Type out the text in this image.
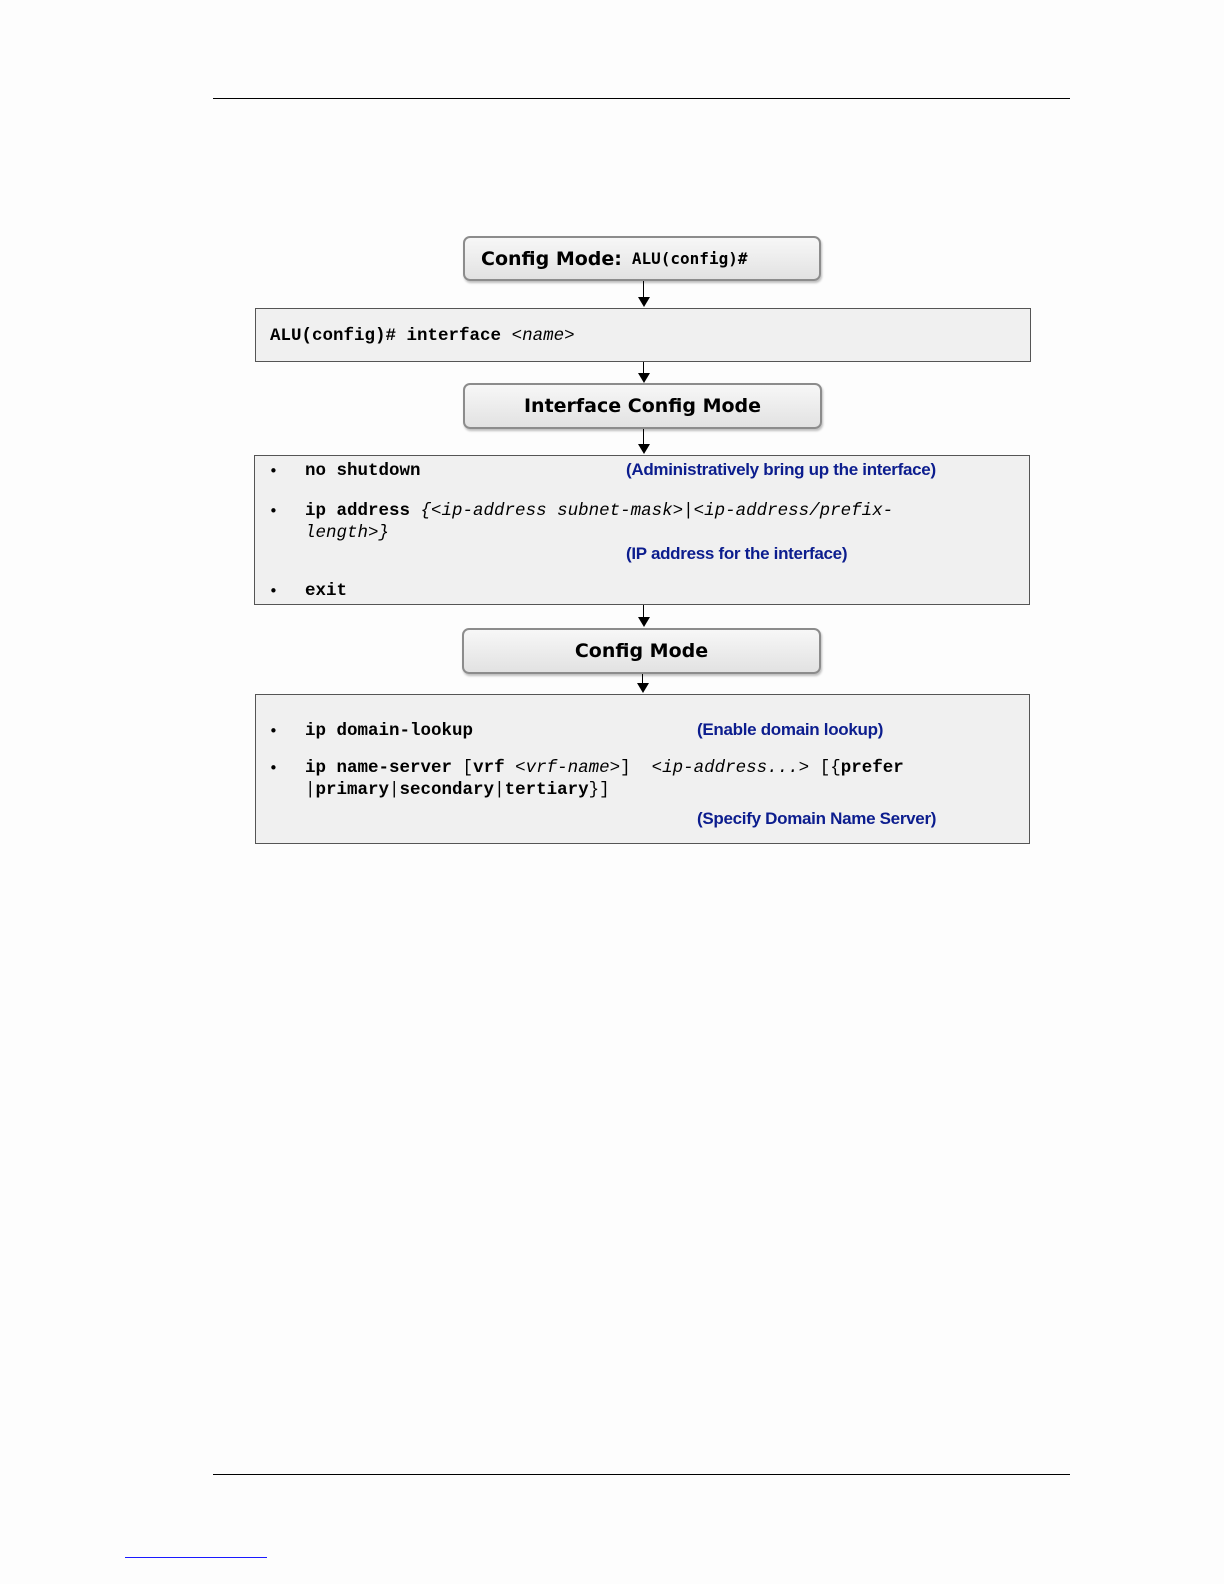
Config Mode: ALU(config)#
ALU(config)# interface <name>
Interface Config Mode
• no shutdown	(Administratively bring up the interface)
• ip address {<ip-address subnet-mask>|<ip-address/prefix-
length>}
(IP address for the interface)
• exit
Config Mode
• ip domain-lookup	(Enable domain lookup)
• ip name-server [vrf <vrf-name>] <ip-address...> [{prefer
|primary|secondary|tertiary}]
(Specify Domain Name Server)
